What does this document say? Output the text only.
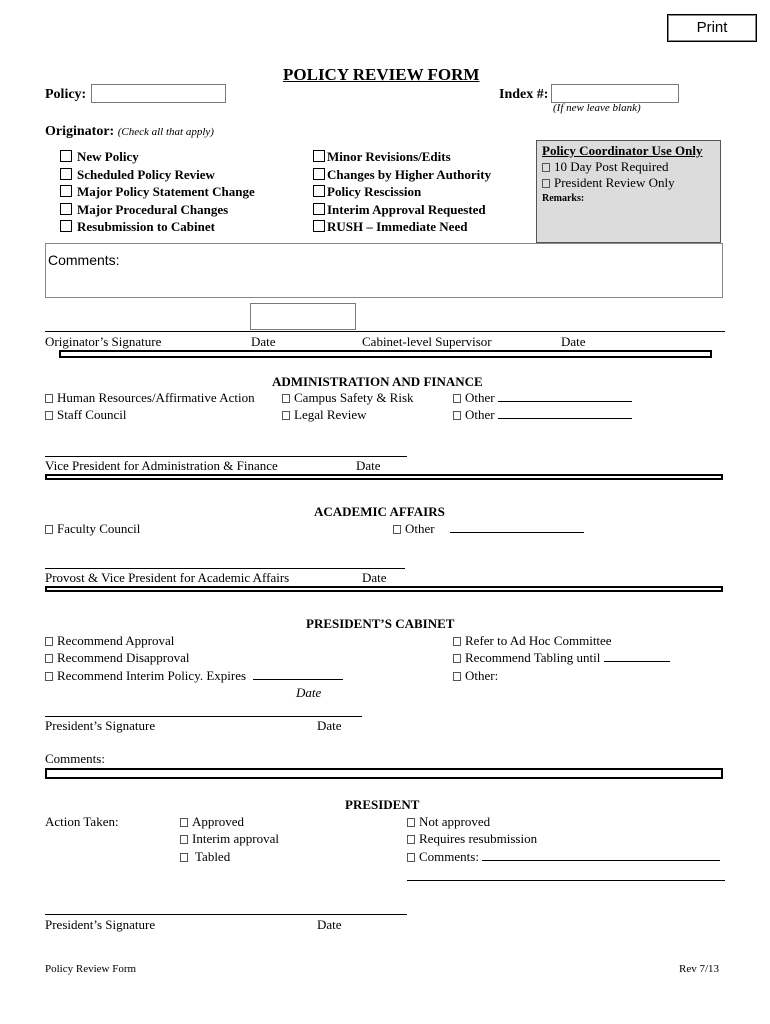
Print
POLICY REVIEW FORM
Policy:	Index #:
(If new leave blank)
Originator: (Check all that apply)
New Policy
Scheduled Policy Review
Major Policy Statement Change
Major Procedural Changes
Resubmission to Cabinet
Minor Revisions/Edits
Changes by Higher Authority
Policy Rescission
Interim Approval Requested
RUSH – Immediate Need
Policy Coordinator Use Only
10 Day Post Required
President Review Only
Remarks:
Comments:
Originator’s Signature	Date	Cabinet-level Supervisor	Date
ADMINISTRATION AND FINANCE
Human Resources/Affirmative Action
Staff Council
Campus Safety & Risk
Legal Review
Other
Other
Vice President for Administration & Finance	Date
ACADEMIC AFFAIRS
Faculty Council	Other
Provost & Vice President for Academic Affairs	Date
PRESIDENT’S CABINET
Recommend Approval
Recommend Disapproval
Recommend Interim Policy. Expires
Date
Refer to Ad Hoc Committee
Recommend Tabling until
Other:
President’s Signature	Date
Comments:
PRESIDENT
Action Taken:	Approved
Interim approval
Tabled
Not approved
Requires resubmission
Comments:
President’s Signature	Date
Policy Review Form	Rev 7/13
